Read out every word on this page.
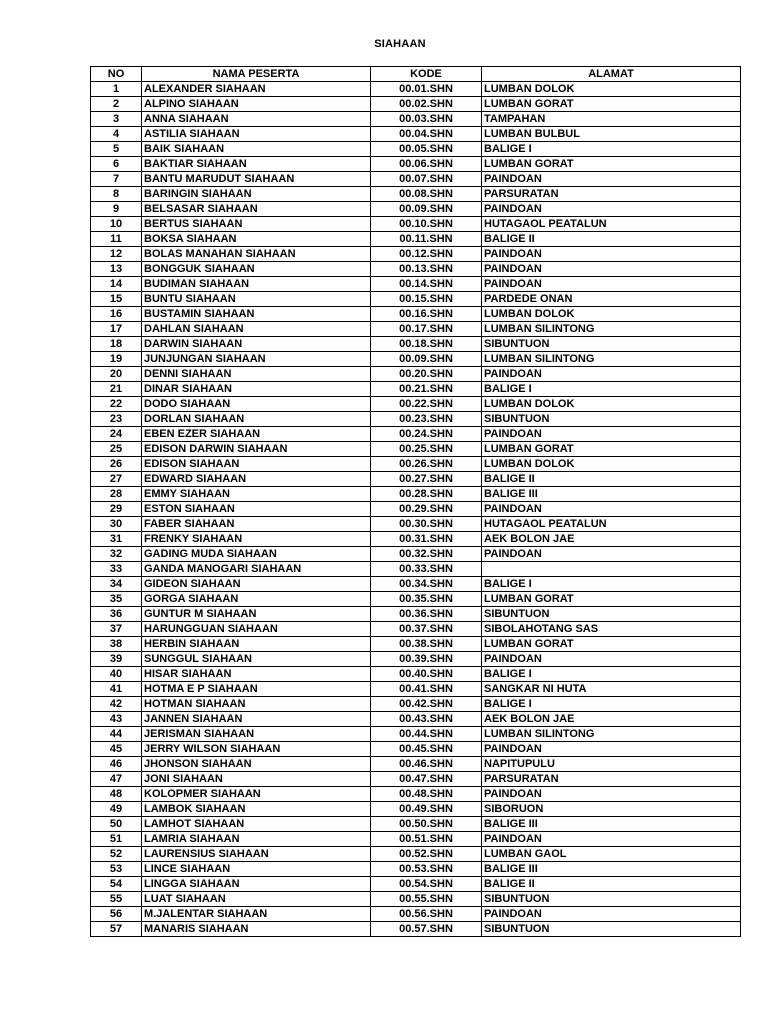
SIAHAAN
NO	NAMA PESERTA	KODE	ALAMAT
1	ALEXANDER SIAHAAN	00.01.SHN	LUMBAN DOLOK
2	ALPINO SIAHAAN	00.02.SHN	LUMBAN GORAT
3	ANNA SIAHAAN	00.03.SHN	TAMPAHAN
4	ASTILIA SIAHAAN	00.04.SHN	LUMBAN BULBUL
5	BAIK SIAHAAN	00.05.SHN	BALIGE I
6	BAKTIAR SIAHAAN	00.06.SHN	LUMBAN GORAT
7	BANTU MARUDUT SIAHAAN	00.07.SHN	PAINDOAN
8	BARINGIN SIAHAAN	00.08.SHN	PARSURATAN
9	BELSASAR SIAHAAN	00.09.SHN	PAINDOAN
10	BERTUS SIAHAAN	00.10.SHN	HUTAGAOL PEATALUN
11	BOKSA SIAHAAN	00.11.SHN	BALIGE II
12	BOLAS MANAHAN SIAHAAN	00.12.SHN	PAINDOAN
13	BONGGUK SIAHAAN	00.13.SHN	PAINDOAN
14	BUDIMAN SIAHAAN	00.14.SHN	PAINDOAN
15	BUNTU SIAHAAN	00.15.SHN	PARDEDE ONAN
16	BUSTAMIN SIAHAAN	00.16.SHN	LUMBAN DOLOK
17	DAHLAN SIAHAAN	00.17.SHN	LUMBAN SILINTONG
18	DARWIN SIAHAAN	00.18.SHN	SIBUNTUON
19	JUNJUNGAN SIAHAAN	00.09.SHN	LUMBAN SILINTONG
20	DENNI SIAHAAN	00.20.SHN	PAINDOAN
21	DINAR SIAHAAN	00.21.SHN	BALIGE I
22	DODO SIAHAAN	00.22.SHN	LUMBAN DOLOK
23	DORLAN SIAHAAN	00.23.SHN	SIBUNTUON
24	EBEN EZER SIAHAAN	00.24.SHN	PAINDOAN
25	EDISON DARWIN SIAHAAN	00.25.SHN	LUMBAN GORAT
26	EDISON SIAHAAN	00.26.SHN	LUMBAN DOLOK
27	EDWARD SIAHAAN	00.27.SHN	BALIGE II
28	EMMY SIAHAAN	00.28.SHN	BALIGE III
29	ESTON SIAHAAN	00.29.SHN	PAINDOAN
30	FABER SIAHAAN	00.30.SHN	HUTAGAOL PEATALUN
31	FRENKY SIAHAAN	00.31.SHN	AEK BOLON JAE
32	GADING MUDA SIAHAAN	00.32.SHN	PAINDOAN
33	GANDA MANOGARI SIAHAAN	00.33.SHN	
34	GIDEON SIAHAAN	00.34.SHN	BALIGE I
35	GORGA SIAHAAN	00.35.SHN	LUMBAN GORAT
36	GUNTUR M SIAHAAN	00.36.SHN	SIBUNTUON
37	HARUNGGUAN SIAHAAN	00.37.SHN	SIBOLAHOTANG SAS
38	HERBIN SIAHAAN	00.38.SHN	LUMBAN GORAT
39	SUNGGUL SIAHAAN	00.39.SHN	PAINDOAN
40	HISAR SIAHAAN	00.40.SHN	BALIGE I
41	HOTMA E P SIAHAAN	00.41.SHN	SANGKAR NI HUTA
42	HOTMAN SIAHAAN	00.42.SHN	BALIGE I
43	JANNEN SIAHAAN	00.43.SHN	AEK BOLON JAE
44	JERISMAN SIAHAAN	00.44.SHN	LUMBAN SILINTONG
45	JERRY WILSON SIAHAAN	00.45.SHN	PAINDOAN
46	JHONSON SIAHAAN	00.46.SHN	NAPITUPULU
47	JONI SIAHAAN	00.47.SHN	PARSURATAN
48	KOLOPMER SIAHAAN	00.48.SHN	PAINDOAN
49	LAMBOK SIAHAAN	00.49.SHN	SIBORUON
50	LAMHOT SIAHAAN	00.50.SHN	BALIGE III
51	LAMRIA SIAHAAN	00.51.SHN	PAINDOAN
52	LAURENSIUS SIAHAAN	00.52.SHN	LUMBAN GAOL
53	LINCE SIAHAAN	00.53.SHN	BALIGE III
54	LINGGA SIAHAAN	00.54.SHN	BALIGE II
55	LUAT SIAHAAN	00.55.SHN	SIBUNTUON
56	M.JALENTAR SIAHAAN	00.56.SHN	PAINDOAN
57	MANARIS SIAHAAN	00.57.SHN	SIBUNTUON
